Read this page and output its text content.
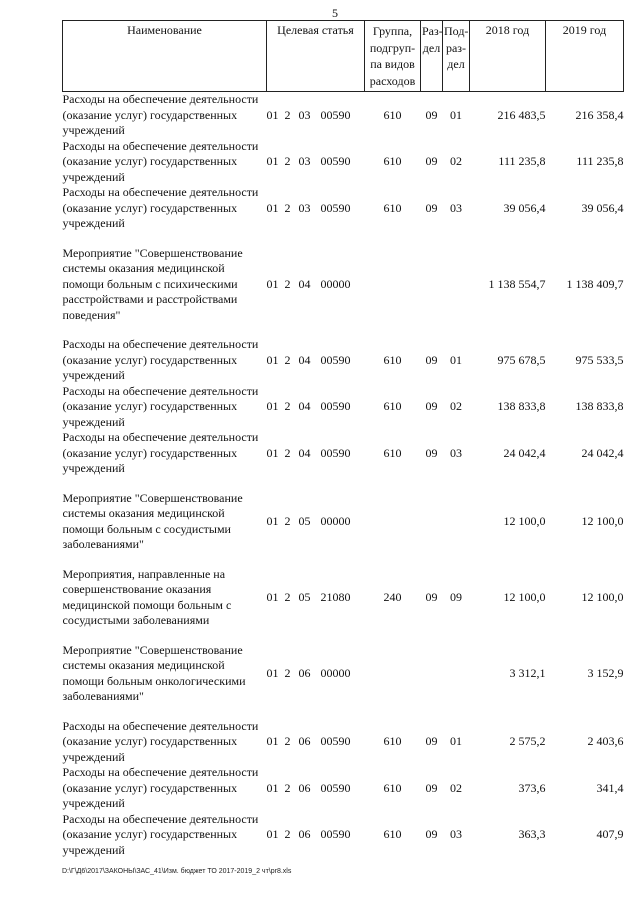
5
Наименование	Целевая статья	Группа, подгруп-па видов расходов	Раз-дел	Под-раз-дел	2018 год	2019 год
Расходы на обеспечение деятельности (оказание услуг) государственных учреждений	01 2 03 00590	610	09	01	216 483,5	216 358,4
Расходы на обеспечение деятельности (оказание услуг) государственных учреждений	01 2 03 00590	610	09	02	111 235,8	111 235,8
Расходы на обеспечение деятельности (оказание услуг) государственных учреждений	01 2 03 00590	610	09	03	39 056,4	39 056,4

Мероприятие "Совершенствование системы оказания медицинской помощи больным с психическими расстройствами и расстройствами поведения"	01 2 04 00000				1 138 554,7	1 138 409,7

Расходы на обеспечение деятельности (оказание услуг) государственных учреждений	01 2 04 00590	610	09	01	975 678,5	975 533,5
Расходы на обеспечение деятельности (оказание услуг) государственных учреждений	01 2 04 00590	610	09	02	138 833,8	138 833,8
Расходы на обеспечение деятельности (оказание услуг) государственных учреждений	01 2 04 00590	610	09	03	24 042,4	24 042,4

Мероприятие "Совершенствование системы оказания медицинской помощи больным с сосудистыми заболеваниями"	01 2 05 00000				12 100,0	12 100,0

Мероприятия, направленные на совершенствование оказания медицинской помощи больным с сосудистыми заболеваниями	01 2 05 21080	240	09	09	12 100,0	12 100,0

Мероприятие "Совершенствование системы оказания медицинской помощи больным онкологическими заболеваниями"	01 2 06 00000				3 312,1	3 152,9

Расходы на обеспечение деятельности (оказание услуг) государственных учреждений	01 2 06 00590	610	09	01	2 575,2	2 403,6
Расходы на обеспечение деятельности (оказание услуг) государственных учреждений	01 2 06 00590	610	09	02	373,6	341,4
Расходы на обеспечение деятельности (оказание услуг) государственных учреждений	01 2 06 00590	610	09	03	363,3	407,9
D:\Г\Д6\2017\ЗАКОНЫ\ЗАС_41\Изм. бюджет ТО 2017-2019_2 чт\pr8.xls
